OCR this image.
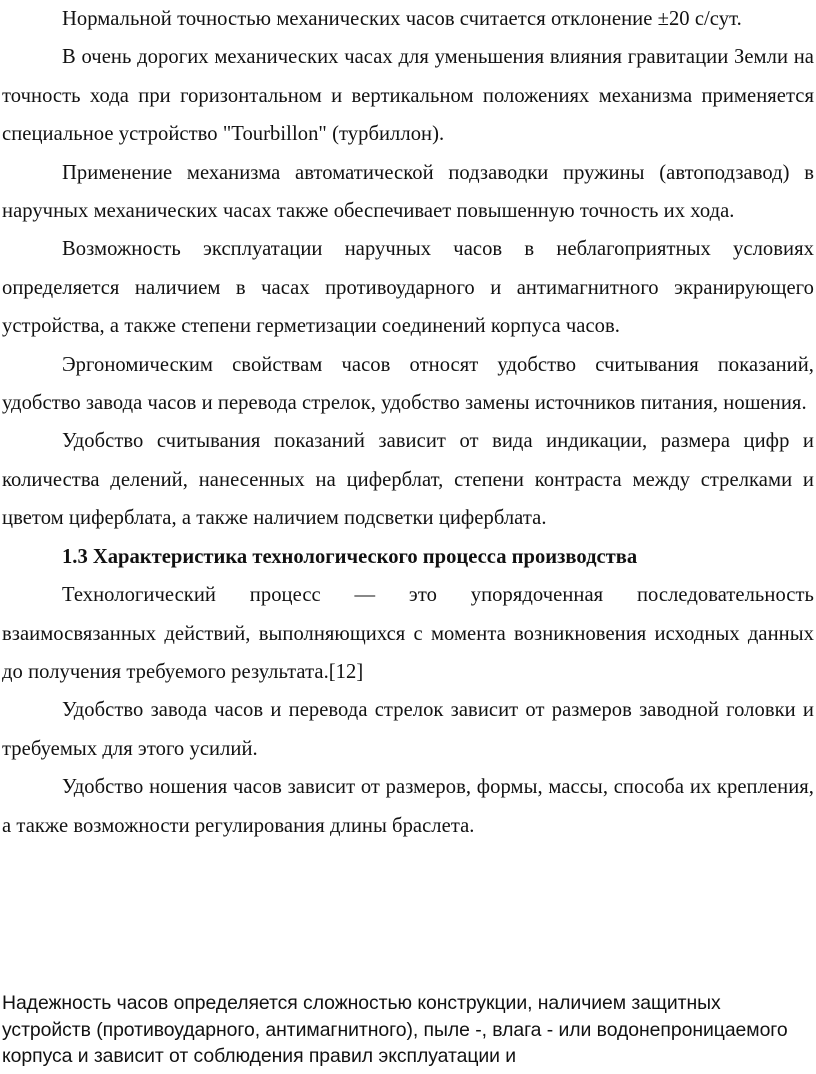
Нормальной точностью механических часов считается отклонение ±20 с/сут.

В очень дорогих механических часах для уменьшения влияния гравитации Земли на точность хода при горизонтальном и вертикальном положениях механизма применяется специальное устройство "Tourbillon" (турбиллон).

Применение механизма автоматической подзаводки пружины (автоподзавод) в наручных механических часах также обеспечивает повышенную точность их хода.

Возможность эксплуатации наручных часов в неблагоприятных условиях определяется наличием в часах противоударного и антимагнитного экранирующего устройства, а также степени герметизации соединений корпуса часов.

Эргономическим свойствам часов относят удобство считывания показаний, удобство завода часов и перевода стрелок, удобство замены источников питания, ношения.

Удобство считывания показаний зависит от вида индикации, размера цифр и количества делений, нанесенных на циферблат, степени контраста между стрелками и цветом циферблата, а также наличием подсветки циферблата.

1.3 Характеристика технологического процесса производства

Технологический процесс — это упорядоченная последовательность взаимосвязанных действий, выполняющихся с момента возникновения исходных данных до получения требуемого результата.[12]

Удобство завода часов и перевода стрелок зависит от размеров заводной головки и требуемых для этого усилий.

Удобство ношения часов зависит от размеров, формы, массы, способа их крепления, а также возможности регулирования длины браслета.

Надежность часов определяется сложностью конструкции, наличием защитных устройств (противоударного, антимагнитного), пыле -, влага - или водонепроницаемого корпуса и зависит от соблюдения правил эксплуатации и
